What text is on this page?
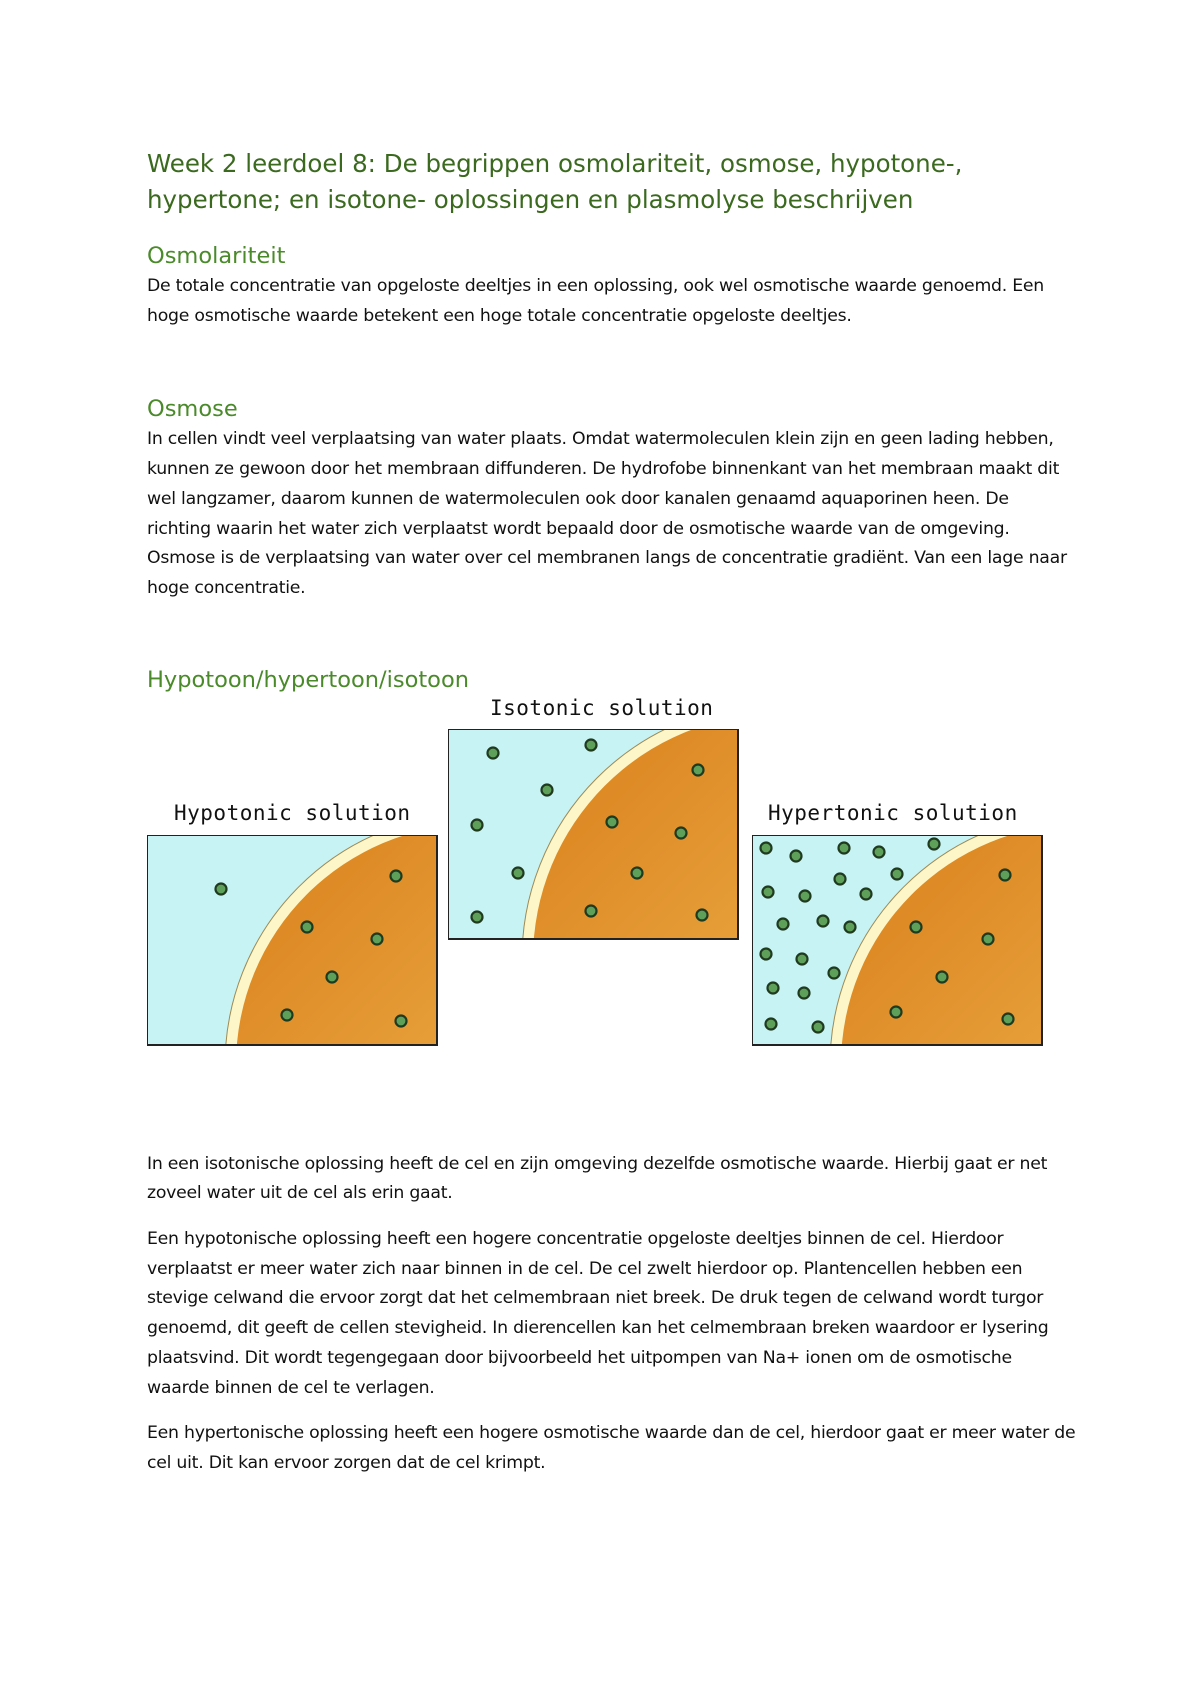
Week 2 leerdoel 8: De begrippen osmolariteit, osmose, hypotone-, hypertone; en isotone- oplossingen en plasmolyse beschrijven
Osmolariteit

De totale concentratie van opgeloste deeltjes in een oplossing, ook wel osmotische waarde genoemd. Een hoge osmotische waarde betekent een hoge totale concentratie opgeloste deeltjes.

Osmose

In cellen vindt veel verplaatsing van water plaats. Omdat watermoleculen klein zijn en geen lading hebben, kunnen ze gewoon door het membraan diffunderen. De hydrofobe binnenkant van het membraan maakt dit wel langzamer, daarom kunnen de watermoleculen ook door kanalen genaamd aquaporinen heen. De richting waarin het water zich verplaatst wordt bepaald door de osmotische waarde van de omgeving. Osmose is de verplaatsing van water over cel membranen langs de concentratie gradiënt. Van een lage naar hoge concentratie.

Hypotoon/hypertoon/isotoon
Isotonic solution
Hypotonic solution	Hypertonic solution

In een isotonische oplossing heeft de cel en zijn omgeving dezelfde osmotische waarde. Hierbij gaat er net zoveel water uit de cel als erin gaat.

Een hypotonische oplossing heeft een hogere concentratie opgeloste deeltjes binnen de cel. Hierdoor verplaatst er meer water zich naar binnen in de cel. De cel zwelt hierdoor op. Plantencellen hebben een stevige celwand die ervoor zorgt dat het celmembraan niet breek. De druk tegen de celwand wordt turgor genoemd, dit geeft de cellen stevigheid. In dierencellen kan het celmembraan breken waardoor er lysering plaatsvind. Dit wordt tegengegaan door bijvoorbeeld het uitpompen van Na+ ionen om de osmotische waarde binnen de cel te verlagen.

Een hypertonische oplossing heeft een hogere osmotische waarde dan de cel, hierdoor gaat er meer water de cel uit. Dit kan ervoor zorgen dat de cel krimpt.
